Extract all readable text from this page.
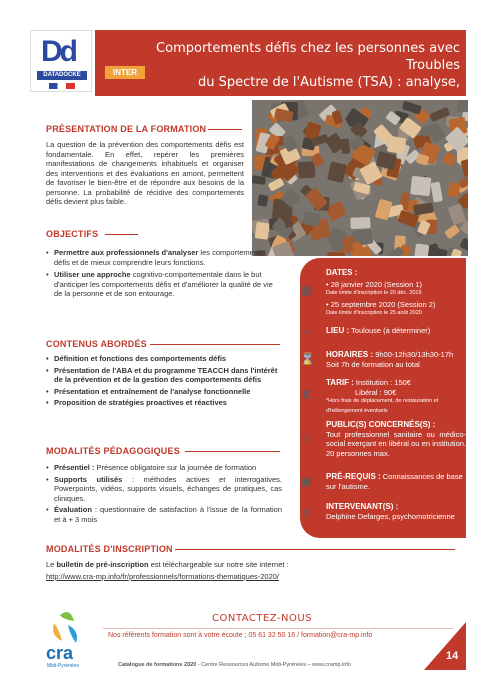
Dd
DATADOCKÉ
Comportements défis chez les personnes avec Troubles
du Spectre de l'Autisme (TSA) : analyse,
INTER
PRÉSENTATION DE LA FORMATION
La question de la prévention des comportements défis est fondamentale. En effet, repérer les premières manifestations de changements inhabituels et organiser des interventions et des évaluations en amont, permettent de favoriser le bien-être et de répondre aux besoins de la personne. La probabilité de récidive des comportements défis devient plus faible.
OBJECTIFS
• Permettre aux professionnels d'analyser les comportements défis et de mieux comprendre leurs fonctions.
• Utiliser une approche cognitivo-comportementale dans le but d'anticiper les comportements défis et d'améliorer la qualité de vie de la personne et de son entourage.
CONTENUS ABORDÉS
• Définition et fonctions des comportements défis
• Présentation de l'ABA et du programme TEACCH dans l'intérêt de la prévention et de la gestion des comportements défis
• Présentation et entraînement de l'analyse fonctionnelle
• Proposition de stratégies proactives et réactives
MODALITÉS PÉDAGOGIQUES
• Présentiel : Présence obligatoire sur la journée de formation
• Supports utilisés : méthodes actives et interrogatives. Powerpoints, vidéos, supports visuels, échanges de pratiques, cas cliniques.
• Évaluation : questionnaire de satisfaction à l'issue de la formation et à + 3 mois
MODALITÉS D'INSCRIPTION
Le bulletin de pré-inscription est téléchargeable sur notre site internet :
http://www.cra-mp.info/fr/professionnels/formations-thematiques-2020/
▦
DATES :
• 28 janvier 2020 (Session 1)
Date limite d'inscription le 20 déc. 2019
• 25 septembre 2020 (Session 2)
Date limite d'inscription le 25 août 2020
⌖	LIEU : Toulouse (à déterminer)
⌛ HORAIRES : 9h00-12h30/13h30-17h
Soit 7h de formation au total
€
TARIF : Institution : 150€
Libéral : 90€
*Hors frais de déplacement, de restauration et d'hébergement éventuels
⚇
PUBLIC(S) CONCERNÉS(S) :
Tout professionnel sanitaire ou médico-social exerçant en libéral ou en institution. 20 personnes max.
▣ PRÉ-REQUIS : Connaissances de base sur l'autisme.
⚲
INTERVENANT(S) :
Delphine Defarges, psychomotricienne
CONTACTEZ-NOUS
Nos référents formation sont à votre écoute ; 05 61 32 50 16 / formation@cra-mp.info
cra
Midi-Pyrénées	Catalogue de formations 2020 - Centre Ressources Autisme Midi-Pyrénées – www.cramp.info
14
